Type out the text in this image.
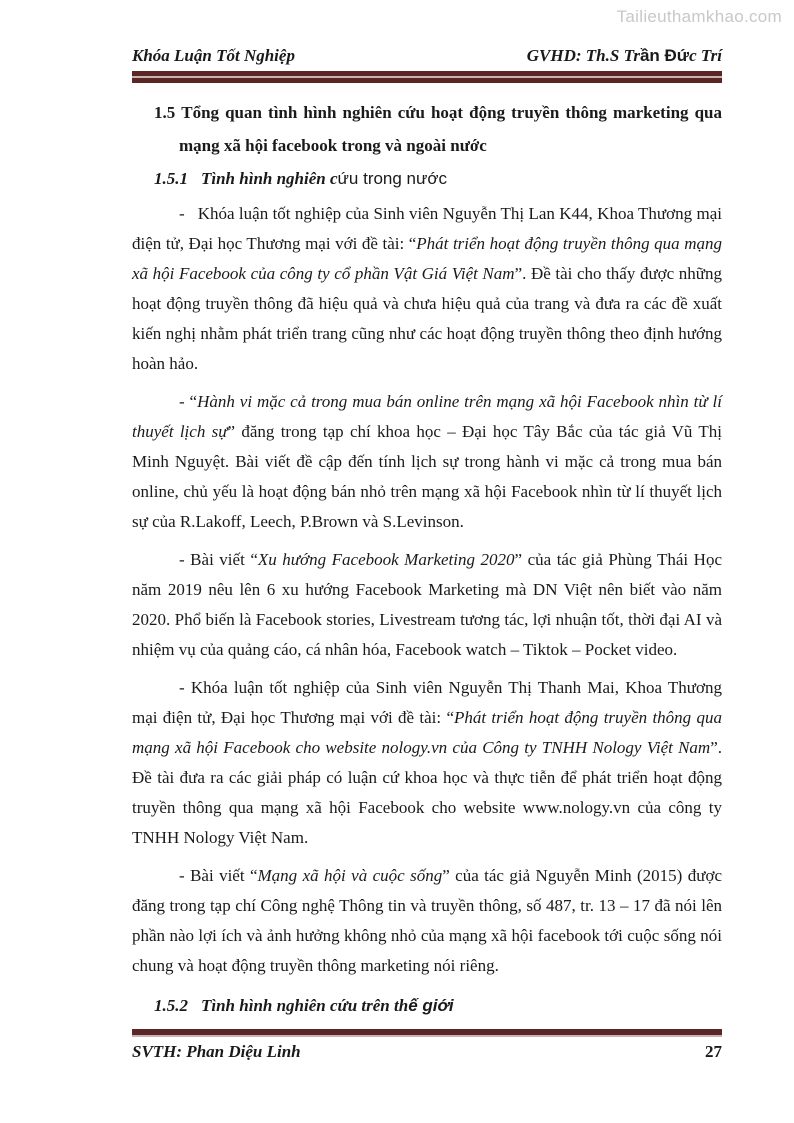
Tailieuthamkhao.com
Khóa Luận Tốt Nghiệp	GVHD: Th.S Trần Đức Trí
1.5 Tổng quan tình hình nghiên cứu hoạt động truyền thông marketing qua mạng xã hội facebook trong và ngoài nước
1.5.1 Tình hình nghiên cứu trong nước

-   Khóa luận tốt nghiệp của Sinh viên Nguyễn Thị Lan K44, Khoa Thương mại điện tử, Đại học Thương mại với đề tài: “Phát triển hoạt động truyền thông qua mạng xã hội Facebook của công ty cổ phần Vật Giá Việt Nam”. Đề tài cho thấy được những hoạt động truyền thông đã hiệu quả và chưa hiệu quả của trang và đưa ra các đề xuất kiến nghị nhằm phát triển trang cũng như các hoạt động truyền thông theo định hướng hoàn hảo.

- “Hành vi mặc cả trong mua bán online trên mạng xã hội Facebook nhìn từ lí thuyết lịch sự” đăng trong tạp chí khoa học – Đại học Tây Bắc của tác giả Vũ Thị Minh Nguyệt. Bài viết đề cập đến tính lịch sự trong hành vi mặc cả trong mua bán online, chủ yếu là hoạt động bán nhỏ trên mạng xã hội Facebook nhìn từ lí thuyết lịch sự của R.Lakoff, Leech, P.Brown và S.Levinson.

- Bài viết “Xu hướng Facebook Marketing 2020” của tác giả Phùng Thái Học năm 2019 nêu lên 6 xu hướng Facebook Marketing mà DN Việt nên biết vào năm 2020. Phổ biến là Facebook stories, Livestream tương tác, lợi nhuận tốt, thời đại AI và nhiệm vụ của quảng cáo, cá nhân hóa, Facebook watch – Tiktok – Pocket video.

- Khóa luận tốt nghiệp của Sinh viên Nguyễn Thị Thanh Mai, Khoa Thương mại điện tử, Đại học Thương mại với đề tài: “Phát triển hoạt động truyền thông qua mạng xã hội Facebook cho website nology.vn của Công ty TNHH Nology Việt Nam”. Đề tài đưa ra các giải pháp có luận cứ khoa học và thực tiễn để phát triển hoạt động truyền thông qua mạng xã hội Facebook cho website www.nology.vn của công ty TNHH Nology Việt Nam.

- Bài viết “Mạng xã hội và cuộc sống” của tác giả Nguyễn Minh (2015) được đăng trong tạp chí Công nghệ Thông tin và truyền thông, số 487, tr. 13 – 17 đã nói lên phần nào lợi ích và ảnh hưởng không nhỏ của mạng xã hội facebook tới cuộc sống nói chung và hoạt động truyền thông marketing nói riêng.

1.5.2 Tình hình nghiên cứu trên thế giới
SVTH: Phan Diệu Linh	27
